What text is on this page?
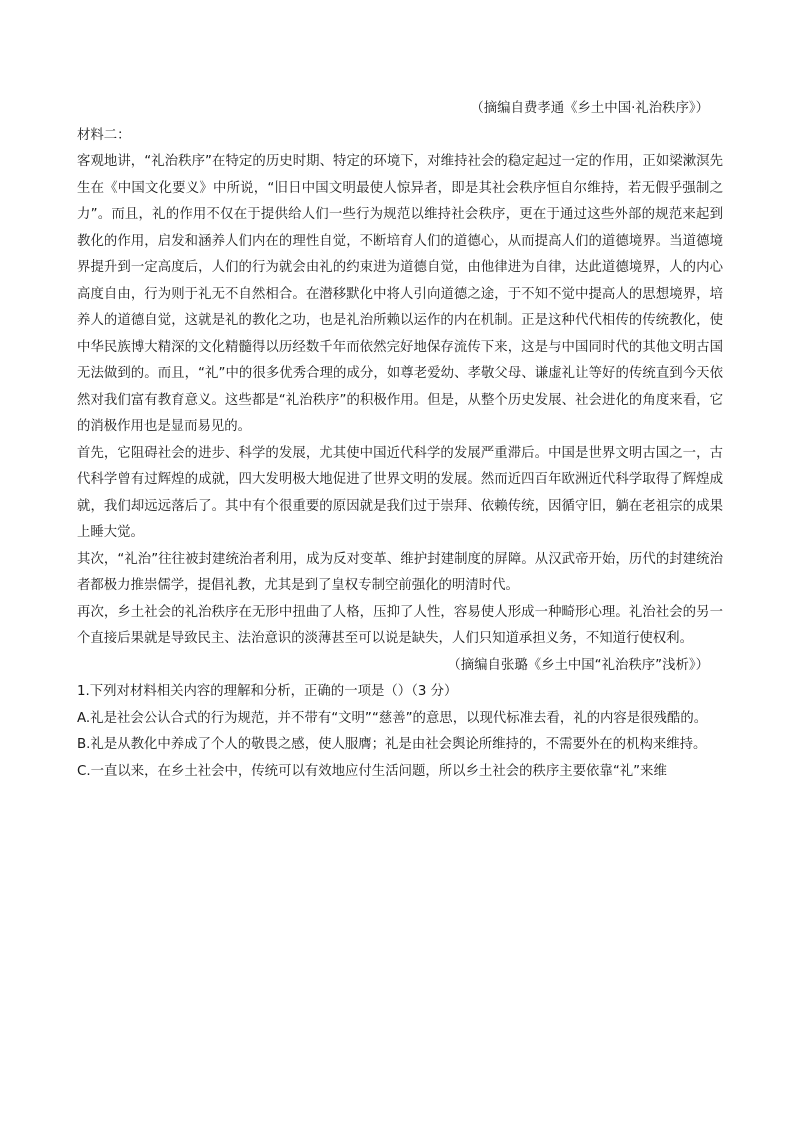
（摘编自费孝通《乡土中国·礼治秩序》）

材料二：

客观地讲，“礼治秩序”在特定的历史时期、特定的环境下，对维持社会的稳定起过一定的作用，正如梁漱溟先生在《中国文化要义》中所说，“旧日中国文明最使人惊异者，即是其社会秩序恒自尔维持，若无假乎强制之力”。而且，礼的作用不仅在于提供给人们一些行为规范以维持社会秩序，更在于通过这些外部的规范来起到教化的作用，启发和涵养人们内在的理性自觉，不断培育人们的道德心，从而提高人们的道德境界。当道德境界提升到一定高度后，人们的行为就会由礼的约束进为道德自觉，由他律进为自律，达此道德境界，人的内心高度自由，行为则于礼无不自然相合。在潜移默化中将人引向道德之途，于不知不觉中提高人的思想境界，培养人的道德自觉，这就是礼的教化之功，也是礼治所赖以运作的内在机制。正是这种代代相传的传统教化，使中华民族博大精深的文化精髓得以历经数千年而依然完好地保存流传下来，这是与中国同时代的其他文明古国无法做到的。而且，“礼”中的很多优秀合理的成分，如尊老爱幼、孝敬父母、谦虚礼让等好的传统直到今天依然对我们富有教育意义。这些都是“礼治秩序”的积极作用。但是，从整个历史发展、社会进化的角度来看，它的消极作用也是显而易见的。

首先，它阻碍社会的进步、科学的发展，尤其使中国近代科学的发展严重滞后。中国是世界文明古国之一，古代科学曾有过辉煌的成就，四大发明极大地促进了世界文明的发展。然而近四百年欧洲近代科学取得了辉煌成就，我们却远远落后了。其中有个很重要的原因就是我们过于崇拜、依赖传统，因循守旧，躺在老祖宗的成果上睡大觉。

其次，“礼治”往往被封建统治者利用，成为反对变革、维护封建制度的屏障。从汉武帝开始，历代的封建统治者都极力推崇儒学，提倡礼教，尤其是到了皇权专制空前强化的明清时代。

再次，乡土社会的礼治秩序在无形中扭曲了人格，压抑了人性，容易使人形成一种畸形心理。礼治社会的另一个直接后果就是导致民主、法治意识的淡薄甚至可以说是缺失，人们只知道承担义务，不知道行使权利。

（摘编自张璐《乡土中国“礼治秩序”浅析》）

1.下列对材料相关内容的理解和分析，正确的一项是（）（3 分）

A.礼是社会公认合式的行为规范，并不带有“文明”“慈善”的意思，以现代标准去看，礼的内容是很残酷的。

B.礼是从教化中养成了个人的敬畏之感，使人服膺；礼是由社会舆论所维持的，不需要外在的机构来维持。

C.一直以来，在乡土社会中，传统可以有效地应付生活问题，所以乡土社会的秩序主要依靠“礼”来维
